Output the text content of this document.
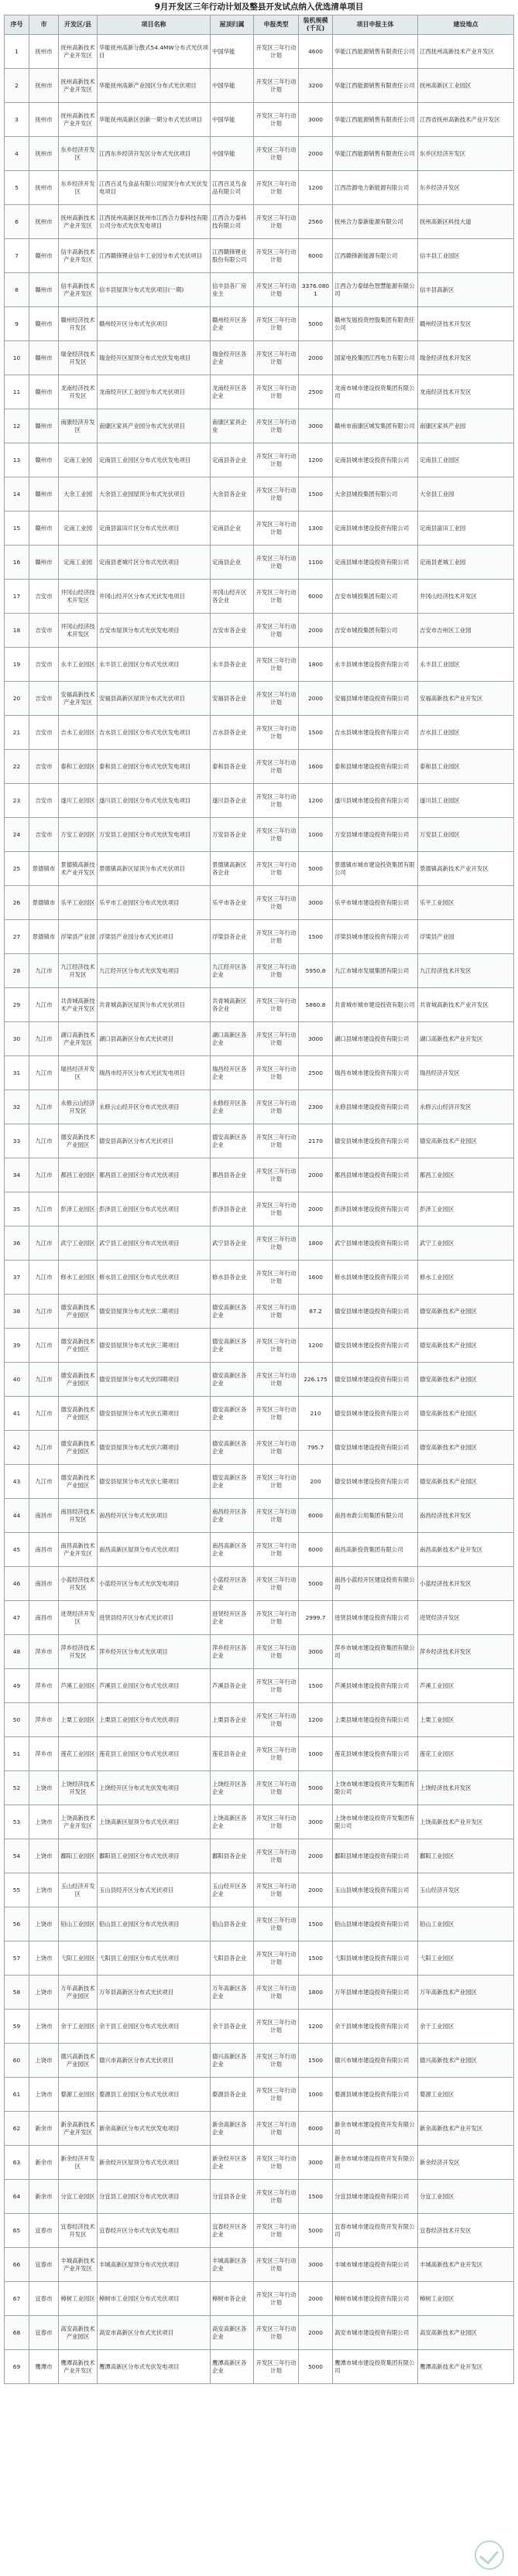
9月开发区三年行动计划及整县开发试点纳入优选清单项目
序号	市	开发区/县	项目名称	屋顶归属	申报类型	装机规模(千瓦)	项目申报主体	建设地点
1	抚州市	抚州高新技术产业开发区	华能抚州高新分散式54.4MW分布式光伏项目	中国华能	开发区三年行动计划	4600	华能江西能源销售有限责任公司	江西抚州高新技术产业开发区
2	抚州市	抚州高新技术产业开发区	华能抚州高新产业园区分布式光伏项目	中国华能	开发区三年行动计划	3200	华能江西能源销售有限责任公司	抚州高新区工业园区
3	抚州市	抚州高新技术产业开发区	华能抚州高新区创新一期分布式光伏项目	中国华能	开发区三年行动计划	3000	华能江西能源销售有限责任公司	江西省抚州高新技术产业开发区
4	抚州市	东乡经济开发区	江西东乡经济开发区分布式光伏项目	中国华能	开发区三年行动计划	2000	华能江西能源销售有限责任公司	东乡区经济开发区
5	抚州市	东乡经济开发区	江西百灵鸟食品有限公司屋顶分布式光伏发电项目	江西百灵鸟食品有限公司	开发区三年行动计划	1200	江西浩源电力新能源有限公司	东乡经济开发区
6	抚州市	抚州高新技术产业开发区	江西抚州高新区抚州市江西合力泰科技有限公司分布式光伏发电项目	江西合力泰科技有限公司	开发区三年行动计划	2560	抚州合力泰新能源有限公司	抚州高新区科技大道
7	赣州市	信丰高新技术产业开发区	江西赣锋锂业信丰工业园分布式光伏项目	江西赣锋锂业股份有限公司	开发区三年行动计划	6000	江西赣锋新能源有限公司	信丰县工业园区
8	赣州市	信丰高新技术产业开发区	信丰县屋顶分布式光伏项目(一期)	信丰县各厂房业主	开发区三年行动计划	3376.0801	江西合力泰绿色智慧能源有限公司	信丰县高新区
9	赣州市	赣州经济技术开发区	赣州经开区分布式光伏项目	赣州经开区各企业	开发区三年行动计划	5000	赣州发展投资控股集团有限责任公司	赣州经济技术开发区
10	赣州市	瑞金经济技术开发区	瑞金经开区屋顶分布式光伏发电项目	瑞金经开区各企业	开发区三年行动计划	2000	国家电投集团江西电力有限公司	瑞金经济技术开发区
11	赣州市	龙南经济技术开发区	龙南经开区工业园分布式光伏项目	龙南经开区各企业	开发区三年行动计划	2500	龙南市城市建设投资集团有限公司	龙南经济技术开发区
12	赣州市	南康经济开发区	南康区家具产业园分布式光伏项目	南康区家具企业	开发区三年行动计划	3000	赣州市南康区城发集团有限公司	南康区家具产业园
13	赣州市	定南工业园	定南县工业园区分布式光伏发电项目	定南县各企业	开发区三年行动计划	1200	定南县城市建设投资有限公司	定南县工业园区
14	赣州市	大余工业园	大余县工业园屋顶分布式光伏项目	大余县各企业	开发区三年行动计划	1500	大余县城投集团有限公司	大余县工业园
15	赣州市	定南工业园	定南县富田片区分布式光伏项目	定南县企业	开发区三年行动计划	1300	定南县城市建设投资有限公司	定南县富田工业园
16	赣州市	定南工业园	定南县老城片区分布式光伏项目	定南县企业	开发区三年行动计划	1100	定南县城市建设投资有限公司	定南县老城工业园
17	吉安市	井冈山经济技术开发区	井冈山经开区分布式光伏发电项目	井冈山经开区各企业	开发区三年行动计划	6000	吉安市城投集团有限公司	井冈山经济技术开发区
18	吉安市	井冈山经济技术开发区	吉安市屋顶分布式光伏发电项目	吉安市各企业	开发区三年行动计划	2000	吉安市城投集团有限公司	吉安市吉州区工业园
19	吉安市	永丰工业园区	永丰县工业园区分布式光伏项目	永丰县各企业	开发区三年行动计划	1800	永丰县城市建设投资有限公司	永丰县工业园区
20	吉安市	安福高新技术产业开发区	安福县高新区屋顶分布式光伏项目	安福县各企业	开发区三年行动计划	2000	安福县城市建设投资有限公司	安福高新技术产业开发区
21	吉安市	吉水工业园区	吉水县工业园区分布式光伏发电项目	吉水县各企业	开发区三年行动计划	1500	吉水县城市建设投资有限公司	吉水县工业园区
22	吉安市	泰和工业园区	泰和县工业园区分布式光伏发电项目	泰和县各企业	开发区三年行动计划	1600	泰和县城市建设投资有限公司	泰和县工业园区
23	吉安市	遂川工业园区	遂川县工业园区分布式光伏发电项目	遂川县各企业	开发区三年行动计划	1200	遂川县城市建设投资有限公司	遂川县工业园区
24	吉安市	万安工业园区	万安县工业园区分布式光伏发电项目	万安县各企业	开发区三年行动计划	1000	万安县城市建设投资有限公司	万安县工业园区
25	景德镇市	景德镇高新技术产业开发区	景德镇高新区屋顶分布式光伏项目	景德镇高新区各企业	开发区三年行动计划	5000	景德镇市城市建设投资集团有限公司	景德镇高新技术产业开发区
26	景德镇市	乐平工业园区	乐平市工业园区分布式光伏项目	乐平市各企业	开发区三年行动计划	3000	乐平市城市建设投资有限公司	乐平工业园区
27	景德镇市	浮梁县产业园	浮梁县产业园分布式光伏项目	浮梁县各企业	开发区三年行动计划	1500	浮梁县城市建设投资有限公司	浮梁县产业园
28	九江市	九江经济技术开发区	九江经开区分布式光伏发电项目	九江经开区各企业	开发区三年行动计划	5950.8	九江市城市发展集团有限公司	九江经济技术开发区
29	九江市	共青城高新技术产业开发区	共青城高新区屋顶分布式光伏项目	共青城高新区各企业	开发区三年行动计划	5860.8	共青城市城市建设投资有限公司	共青城高新技术产业开发区
30	九江市	湖口高新技术产业开发区	湖口县高新区分布式光伏项目	湖口高新区各企业	开发区三年行动计划	3000	湖口县城市建设投资有限公司	湖口高新技术产业开发区
31	九江市	瑞昌经济开发区	瑞昌市经开区分布式光伏发电项目	瑞昌经开区各企业	开发区三年行动计划	2500	瑞昌市城市建设投资有限公司	瑞昌经济开发区
32	九江市	永修云山经济开发区	永修云山经开区分布式光伏项目	永修经开区各企业	开发区三年行动计划	2300	永修县城市建设投资有限公司	永修云山经济开发区
33	九江市	德安高新技术产业园区	德安县高新区分布式光伏项目	德安高新区各企业	开发区三年行动计划	2170	德安县城市建设投资有限公司	德安高新技术产业园区
34	九江市	都昌工业园区	都昌县工业园区分布式光伏项目	都昌县各企业	开发区三年行动计划	2000	都昌县城市建设投资有限公司	都昌工业园区
35	九江市	彭泽工业园区	彭泽县工业园区分布式光伏项目	彭泽县各企业	开发区三年行动计划	2000	彭泽县城市建设投资有限公司	彭泽工业园区
36	九江市	武宁工业园区	武宁县工业园区分布式光伏项目	武宁县各企业	开发区三年行动计划	1800	武宁县城市建设投资有限公司	武宁工业园区
37	九江市	修水工业园区	修水县工业园区分布式光伏项目	修水县各企业	开发区三年行动计划	1600	修水县城市建设投资有限公司	修水工业园区
38	九江市	德安高新技术产业园区	德安县屋顶分布式光伏二期项目	德安高新区各企业	开发区三年行动计划	87.2	德安县城市建设投资有限公司	德安高新技术产业园区
39	九江市	德安高新技术产业园区	德安县屋顶分布式光伏三期项目	德安高新区各企业	开发区三年行动计划	1200	德安县城市建设投资有限公司	德安高新技术产业园区
40	九江市	德安高新技术产业园区	德安县屋顶分布式光伏四期项目	德安高新区各企业	开发区三年行动计划	226.175	德安县城市建设投资有限公司	德安高新技术产业园区
41	九江市	德安高新技术产业园区	德安县屋顶分布式光伏五期项目	德安高新区各企业	开发区三年行动计划	210	德安县城市建设投资有限公司	德安高新技术产业园区
42	九江市	德安高新技术产业园区	德安县屋顶分布式光伏六期项目	德安高新区各企业	开发区三年行动计划	795.7	德安县城市建设投资有限公司	德安高新技术产业园区
43	九江市	德安高新技术产业园区	德安县屋顶分布式光伏七期项目	德安高新区各企业	开发区三年行动计划	200	德安县城市建设投资有限公司	德安高新技术产业园区
44	南昌市	南昌经济技术开发区	南昌经开区分布式光伏项目	南昌经开区各企业	开发区三年行动计划	6000	南昌市政公用集团有限公司	南昌经济技术开发区
45	南昌市	南昌高新技术产业开发区	南昌高新区屋顶分布式光伏项目	南昌高新区各企业	开发区三年行动计划	6000	南昌高新投资集团有限公司	南昌高新技术产业开发区
46	南昌市	小蓝经济技术开发区	小蓝经开区分布式光伏发电项目	小蓝经开区各企业	开发区三年行动计划	5000	南昌小蓝经开区建设投资有限公司	小蓝经济技术开发区
47	南昌市	进贤经济开发区	进贤县经开区分布式光伏项目	进贤经开区各企业	开发区三年行动计划	2999.7	进贤县城市建设投资有限公司	进贤经济开发区
48	萍乡市	萍乡经济技术开发区	萍乡经开区分布式光伏项目	萍乡经开区各企业	开发区三年行动计划	3000	萍乡市城市建设投资集团有限公司	萍乡经济技术开发区
49	萍乡市	芦溪工业园区	芦溪县工业园区分布式光伏项目	芦溪县各企业	开发区三年行动计划	1500	芦溪县城市建设投资有限公司	芦溪工业园区
50	萍乡市	上栗工业园区	上栗县工业园区分布式光伏项目	上栗县各企业	开发区三年行动计划	1200	上栗县城市建设投资有限公司	上栗工业园区
51	萍乡市	莲花工业园区	莲花县工业园区分布式光伏项目	莲花县各企业	开发区三年行动计划	1000	莲花县城市建设投资有限公司	莲花工业园区
52	上饶市	上饶经济技术开发区	上饶经开区分布式光伏发电项目	上饶经开区各企业	开发区三年行动计划	5000	上饶市城市建设投资开发集团有限公司	上饶经济技术开发区
53	上饶市	上饶高新技术产业开发区	上饶高新区屋顶分布式光伏项目	上饶高新区各企业	开发区三年行动计划	3000	上饶市城市建设投资开发集团有限公司	上饶高新技术产业开发区
54	上饶市	鄱阳工业园区	鄱阳县工业园区分布式光伏项目	鄱阳县各企业	开发区三年行动计划	2000	鄱阳县城市建设投资有限公司	鄱阳工业园区
55	上饶市	玉山经济开发区	玉山县经开区分布式光伏项目	玉山经开区各企业	开发区三年行动计划	2000	玉山县城市建设投资有限公司	玉山经济开发区
56	上饶市	铅山工业园区	铅山县工业园区分布式光伏项目	铅山县各企业	开发区三年行动计划	1500	铅山县城市建设投资有限公司	铅山工业园区
57	上饶市	弋阳工业园区	弋阳县工业园区分布式光伏项目	弋阳县各企业	开发区三年行动计划	1500	弋阳县城市建设投资有限公司	弋阳工业园区
58	上饶市	万年高新技术产业园区	万年县高新区分布式光伏项目	万年高新区各企业	开发区三年行动计划	1800	万年县城市建设投资有限公司	万年高新技术产业园区
59	上饶市	余干工业园区	余干县工业园区分布式光伏项目	余干县各企业	开发区三年行动计划	1200	余干县城市建设投资有限公司	余干工业园区
60	上饶市	德兴高新技术产业园区	德兴市高新区分布式光伏项目	德兴高新区各企业	开发区三年行动计划	1500	德兴市城市建设投资有限公司	德兴高新技术产业园区
61	上饶市	婺源工业园区	婺源县工业园区分布式光伏项目	婺源县各企业	开发区三年行动计划	1000	婺源县城市建设投资有限公司	婺源工业园区
62	新余市	新余高新技术产业开发区	新余高新区分布式光伏发电项目	新余高新区各企业	开发区三年行动计划	6000	新余市城市建设投资开发有限公司	新余高新技术产业开发区
63	新余市	新余经济开发区	新余经开区屋顶分布式光伏项目	新余经开区各企业	开发区三年行动计划	3000	新余市城市建设投资开发有限公司	新余经济开发区
64	新余市	分宜工业园区	分宜县工业园区分布式光伏项目	分宜县各企业	开发区三年行动计划	1500	分宜县城市建设投资有限公司	分宜工业园区
65	宜春市	宜春经济技术开发区	宜春经开区分布式光伏发电项目	宜春经开区各企业	开发区三年行动计划	5000	宜春市城市建设投资开发有限公司	宜春经济技术开发区
66	宜春市	丰城高新技术产业开发区	丰城高新区屋顶分布式光伏项目	丰城高新区各企业	开发区三年行动计划	3000	丰城市城市建设投资有限公司	丰城高新技术产业开发区
67	宜春市	樟树工业园区	樟树市工业园区分布式光伏项目	樟树市各企业	开发区三年行动计划	2000	樟树市城市建设投资有限公司	樟树工业园区
68	宜春市	高安高新技术产业园区	高安市高新区分布式光伏项目	高安高新区各企业	开发区三年行动计划	2000	高安市城市建设投资有限公司	高安高新技术产业园区
69	鹰潭市	鹰潭高新技术产业开发区	鹰潭高新区分布式光伏发电项目	鹰潭高新区各企业	开发区三年行动计划	5000	鹰潭市城市建设投资集团有限公司	鹰潭高新技术产业开发区
